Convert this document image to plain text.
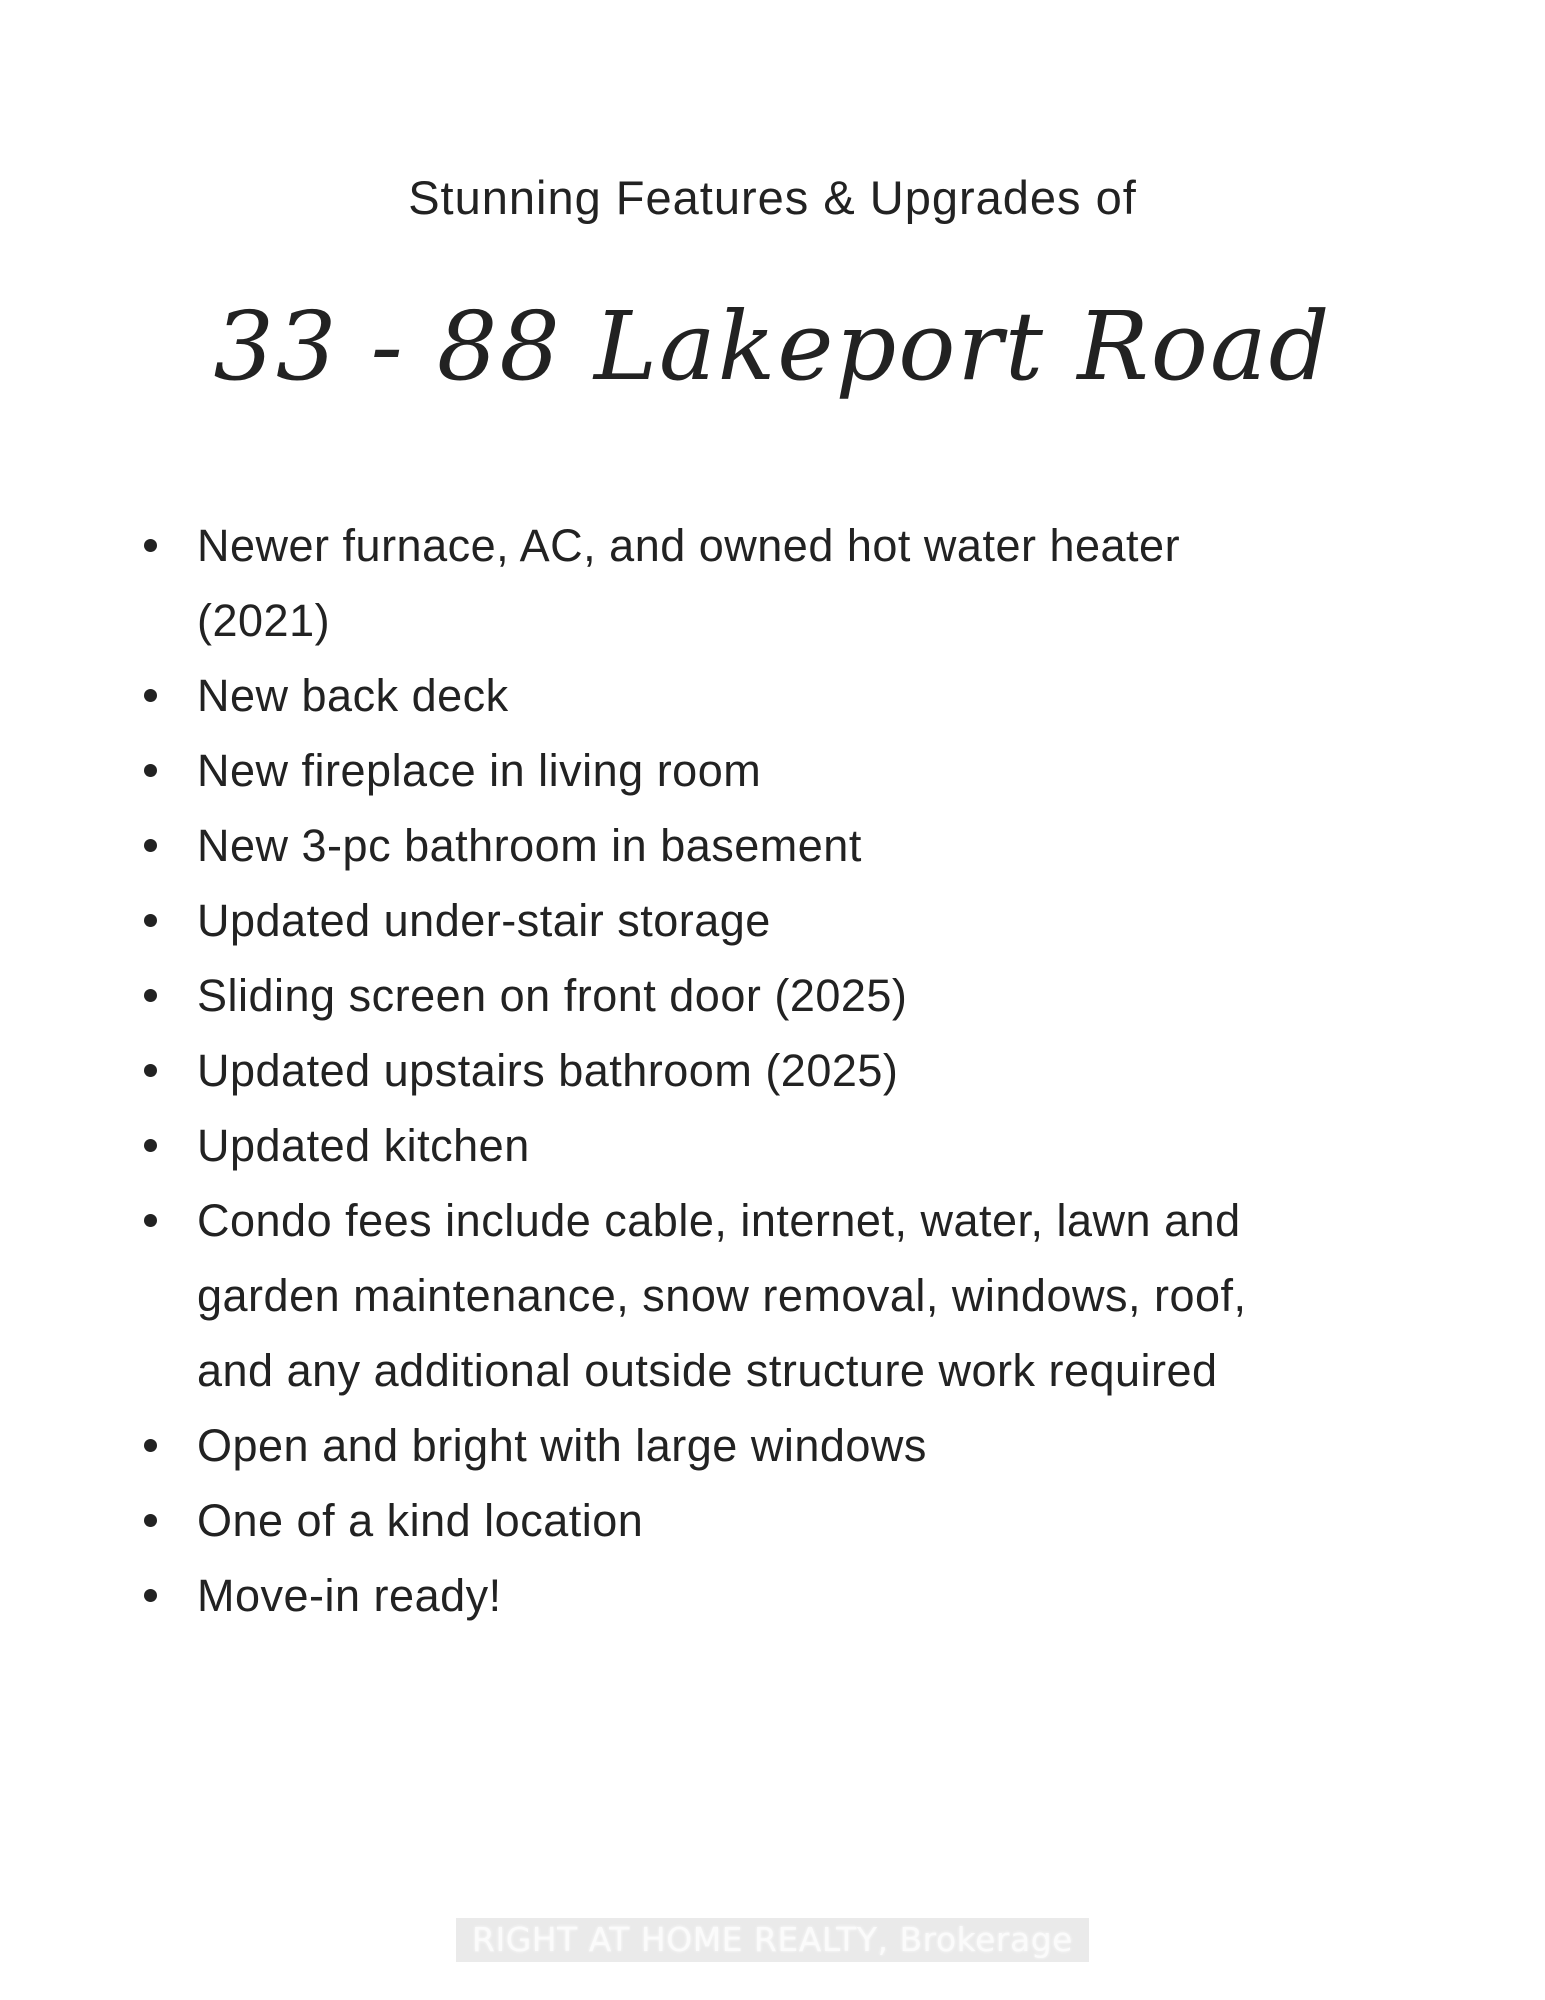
Stunning Features & Upgrades of
33 - 88 Lakeport Road
Newer furnace, AC, and owned hot water heater
(2021)
New back deck
New fireplace in living room
New 3-pc bathroom in basement
Updated under-stair storage
Sliding screen on front door (2025)
Updated upstairs bathroom (2025)
Updated kitchen
Condo fees include cable, internet, water, lawn and
garden maintenance, snow removal, windows, roof,
and any additional outside structure work required
Open and bright with large windows
One of a kind location
Move-in ready!
RIGHT AT HOME REALTY, Brokerage
